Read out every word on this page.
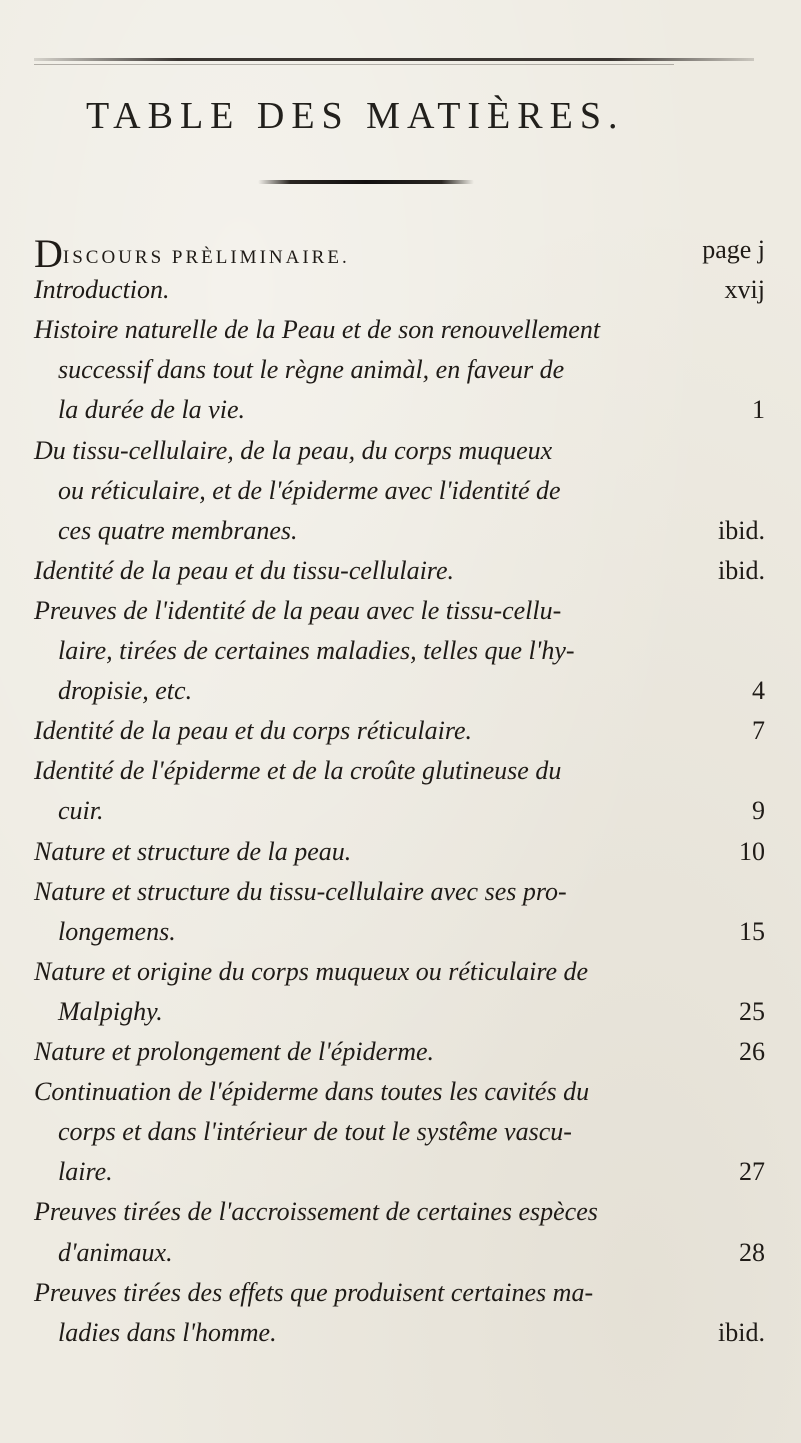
TABLE DES MATIÈRES.
DISCOURS PRÈLIMINAIRE.	page j
Introduction.	xvij
Histoire naturelle de la Peau et de son renouvellement
successif dans tout le règne animàl, en faveur de
la durée de la vie.	1
Du tissu-cellulaire, de la peau, du corps muqueux
ou réticulaire, et de l'épiderme avec l'identité de
ces quatre membranes.	ibid.
Identité de la peau et du tissu-cellulaire.	ibid.
Preuves de l'identité de la peau avec le tissu-cellu-
laire, tirées de certaines maladies, telles que l'hy-
dropisie, etc.	4
Identité de la peau et du corps réticulaire.	7
Identité de l'épiderme et de la croûte glutineuse du
cuir.	9
Nature et structure de la peau.	10
Nature et structure du tissu-cellulaire avec ses pro-
longemens.	15
Nature et origine du corps muqueux ou réticulaire de
Malpighy.	25
Nature et prolongement de l'épiderme.	26
Continuation de l'épiderme dans toutes les cavités du
corps et dans l'intérieur de tout le systême vascu-
laire.	27
Preuves tirées de l'accroissement de certaines espèces
d'animaux.	28
Preuves tirées des effets que produisent certaines ma-
ladies dans l'homme.	ibid.
